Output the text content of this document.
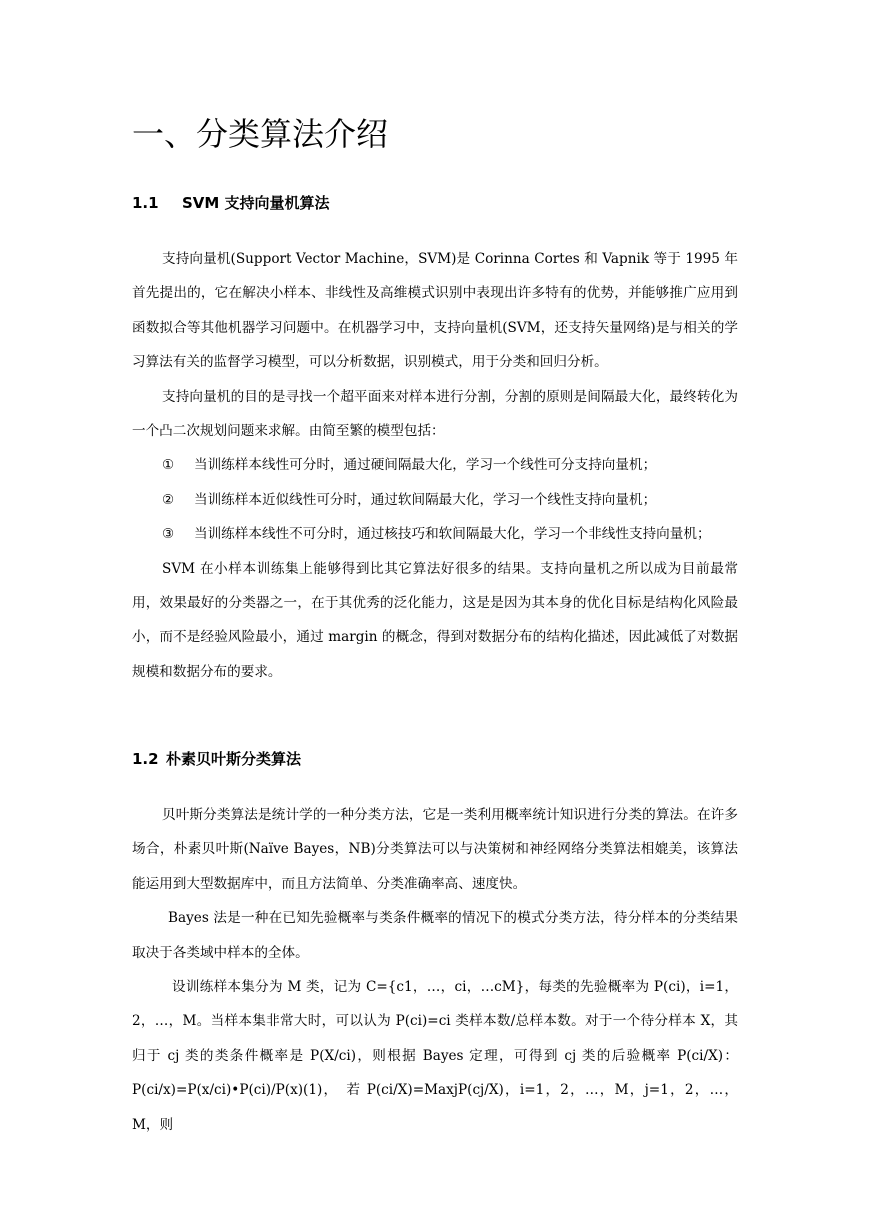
一、分类算法介绍
1.1 SVM 支持向量机算法

支持向量机(Support Vector Machine，SVM)是 Corinna Cortes 和 Vapnik 等于 1995 年首先提出的，它在解决小样本、非线性及高维模式识别中表现出许多特有的优势，并能够推广应用到函数拟合等其他机器学习问题中。在机器学习中，支持向量机(SVM，还支持矢量网络)是与相关的学习算法有关的监督学习模型，可以分析数据，识别模式，用于分类和回归分析。

支持向量机的目的是寻找一个超平面来对样本进行分割，分割的原则是间隔最大化，最终转化为一个凸二次规划问题来求解。由简至繁的模型包括：

① 当训练样本线性可分时，通过硬间隔最大化，学习一个线性可分支持向量机；

② 当训练样本近似线性可分时，通过软间隔最大化，学习一个线性支持向量机；

③ 当训练样本线性不可分时，通过核技巧和软间隔最大化，学习一个非线性支持向量机；

SVM 在小样本训练集上能够得到比其它算法好很多的结果。支持向量机之所以成为目前最常用，效果最好的分类器之一，在于其优秀的泛化能力，这是是因为其本身的优化目标是结构化风险最小，而不是经验风险最小，通过 margin 的概念，得到对数据分布的结构化描述，因此减低了对数据规模和数据分布的要求。

1.2 朴素贝叶斯分类算法

贝叶斯分类算法是统计学的一种分类方法，它是一类利用概率统计知识进行分类的算法。在许多场合，朴素贝叶斯(Naïve Bayes，NB)分类算法可以与决策树和神经网络分类算法相媲美，该算法能运用到大型数据库中，而且方法简单、分类准确率高、速度快。

Bayes 法是一种在已知先验概率与类条件概率的情况下的模式分类方法，待分样本的分类结果取决于各类域中样本的全体。

设训练样本集分为 M 类，记为 C={c1，…，ci，…cM}，每类的先验概率为 P(ci)，i=1，2，…，M。当样本集非常大时，可以认为 P(ci)=ci 类样本数/总样本数。对于一个待分样本 X，其归于 cj 类的类条件概率是 P(X/ci)，则根据 Bayes 定理，可得到 cj 类的后验概率 P(ci/X)：P(ci/x)=P(x/ci)•P(ci)/P(x)(1)，　若 P(ci/X)=MaxjP(cj/X)，i=1，2，…，M，j=1，2，…，M，则
